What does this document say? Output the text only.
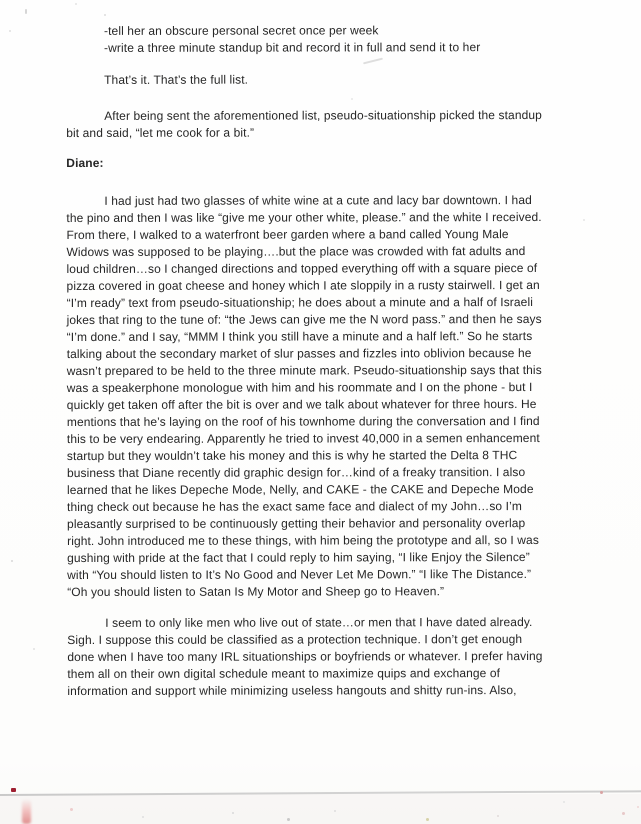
-tell her an obscure personal secret once per week
-write a three minute standup bit and record it in full and send it to her

That’s it. That’s the full list.

After being sent the aforementioned list, pseudo-situationship picked the standup
bit and said, “let me cook for a bit.”

Diane:

I had just had two glasses of white wine at a cute and lacy bar downtown. I had
the pino and then I was like “give me your other white, please.” and the white I received.
From there, I walked to a waterfront beer garden where a band called Young Male
Widows was supposed to be playing….but the place was crowded with fat adults and
loud children…so I changed directions and topped everything off with a square piece of
pizza covered in goat cheese and honey which I ate sloppily in a rusty stairwell. I get an
“I’m ready” text from pseudo-situationship; he does about a minute and a half of Israeli
jokes that ring to the tune of: “the Jews can give me the N word pass.” and then he says
“I’m done.” and I say, “MMM I think you still have a minute and a half left.” So he starts
talking about the secondary market of slur passes and fizzles into oblivion because he
wasn’t prepared to be held to the three minute mark. Pseudo-situationship says that this
was a speakerphone monologue with him and his roommate and I on the phone - but I
quickly get taken off after the bit is over and we talk about whatever for three hours. He
mentions that he’s laying on the roof of his townhome during the conversation and I find
this to be very endearing. Apparently he tried to invest 40,000 in a semen enhancement
startup but they wouldn’t take his money and this is why he started the Delta 8 THC
business that Diane recently did graphic design for…kind of a freaky transition. I also
learned that he likes Depeche Mode, Nelly, and CAKE - the CAKE and Depeche Mode
thing check out because he has the exact same face and dialect of my John…so I’m
pleasantly surprised to be continuously getting their behavior and personality overlap
right. John introduced me to these things, with him being the prototype and all, so I was
gushing with pride at the fact that I could reply to him saying, “I like Enjoy the Silence”
with “You should listen to It’s No Good and Never Let Me Down.” “I like The Distance.”
“Oh you should listen to Satan Is My Motor and Sheep go to Heaven.”

I seem to only like men who live out of state…or men that I have dated already.
Sigh. I suppose this could be classified as a protection technique. I don’t get enough
done when I have too many IRL situationships or boyfriends or whatever. I prefer having
them all on their own digital schedule meant to maximize quips and exchange of
information and support while minimizing useless hangouts and shitty run-ins. Also,
